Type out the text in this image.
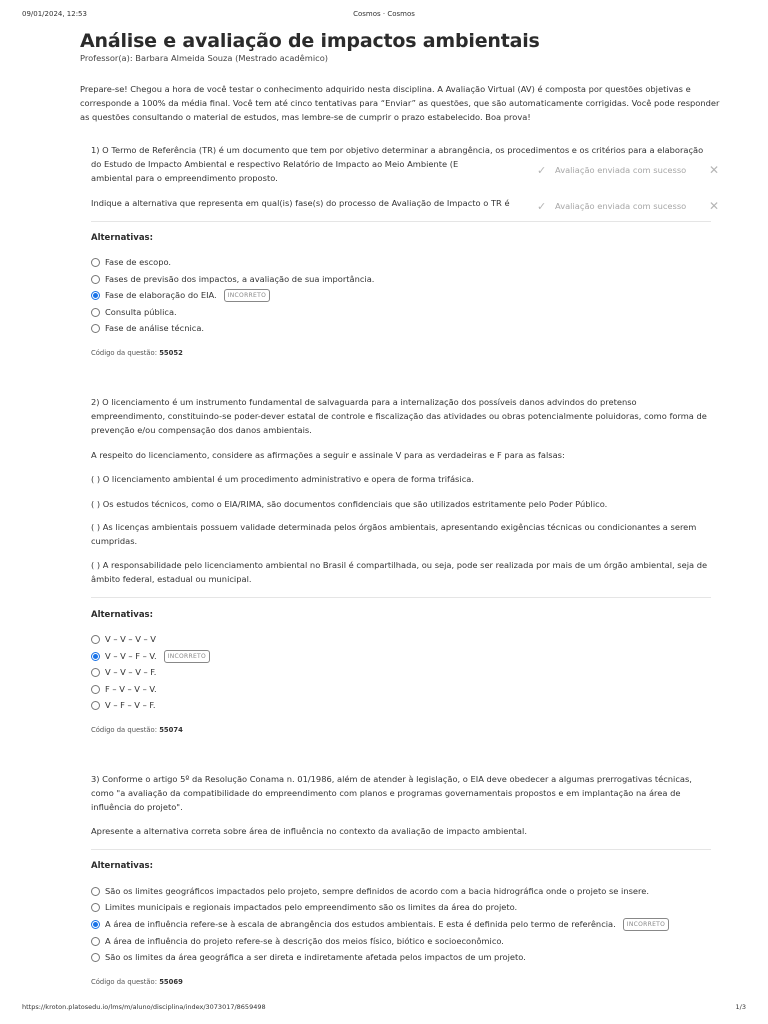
09/01/2024, 12:53	Cosmos · Cosmos
Análise e avaliação de impactos ambientais
Professor(a): Barbara Almeida Souza (Mestrado acadêmico)
Prepare-se! Chegou a hora de você testar o conhecimento adquirido nesta disciplina. A Avaliação Virtual (AV) é composta por questões objetivas e corresponde a 100% da média final. Você tem até cinco tentativas para “Enviar” as questões, que são automaticamente corrigidas. Você pode responder as questões consultando o material de estudos, mas lembre-se de cumprir o prazo estabelecido. Boa prova!

1) O Termo de Referência (TR) é um documento que tem por objetivo determinar a abrangência, os procedimentos e os critérios para a elaboração do Estudo de Impacto Ambiental e respectivo Relatório de Impacto ao Meio Ambiente (E

ambiental para o empreendimento proposto.

Indique a alternativa que representa em qual(is) fase(s) do processo de Avaliação de Impacto o TR é

✓	Avaliação enviada com sucesso	✕
✓	Avaliação enviada com sucesso	✕
Alternativas:
Fase de escopo.
Fases de previsão dos impactos, a avaliação de sua importância.
Fase de elaboração do EIA.	INCORRETO
Consulta pública.
Fase de análise técnica.
Código da questão: 55052

2) O licenciamento é um instrumento fundamental de salvaguarda para a internalização dos possíveis danos advindos do pretenso empreendimento, constituindo-se poder-dever estatal de controle e fiscalização das atividades ou obras potencialmente poluidoras, como forma de prevenção e/ou compensação dos danos ambientais.

A respeito do licenciamento, considere as afirmações a seguir e assinale V para as verdadeiras e F para as falsas:

( ) O licenciamento ambiental é um procedimento administrativo e opera de forma trifásica.

( ) Os estudos técnicos, como o EIA/RIMA, são documentos confidenciais que são utilizados estritamente pelo Poder Público.

( ) As licenças ambientais possuem validade determinada pelos órgãos ambientais, apresentando exigências técnicas ou condicionantes a serem cumpridas.

( ) A responsabilidade pelo licenciamento ambiental no Brasil é compartilhada, ou seja, pode ser realizada por mais de um órgão ambiental, seja de âmbito federal, estadual ou municipal.

Alternativas:
V – V – V – V
V – V – F – V.	INCORRETO
V – V – V – F.
F – V – V – V.
V – F – V – F.
Código da questão: 55074

3) Conforme o artigo 5º da Resolução Conama n. 01/1986, além de atender à legislação, o EIA deve obedecer a algumas prerrogativas técnicas, como "a avaliação da compatibilidade do empreendimento com planos e programas governamentais propostos e em implantação na área de influência do projeto".

Apresente a alternativa correta sobre área de influência no contexto da avaliação de impacto ambiental.

Alternativas:
São os limites geográficos impactados pelo projeto, sempre definidos de acordo com a bacia hidrográfica onde o projeto se insere.
Limites municipais e regionais impactados pelo empreendimento são os limites da área do projeto.
A área de influência refere-se à escala de abrangência dos estudos ambientais. E esta é definida pelo termo de referência.	INCORRETO
A área de influência do projeto refere-se à descrição dos meios físico, biótico e socioeconômico.
São os limites da área geográfica a ser direta e indiretamente afetada pelos impactos de um projeto.
Código da questão: 55069
https://kroton.platosedu.io/lms/m/aluno/disciplina/index/3073017/8659498	1/3
